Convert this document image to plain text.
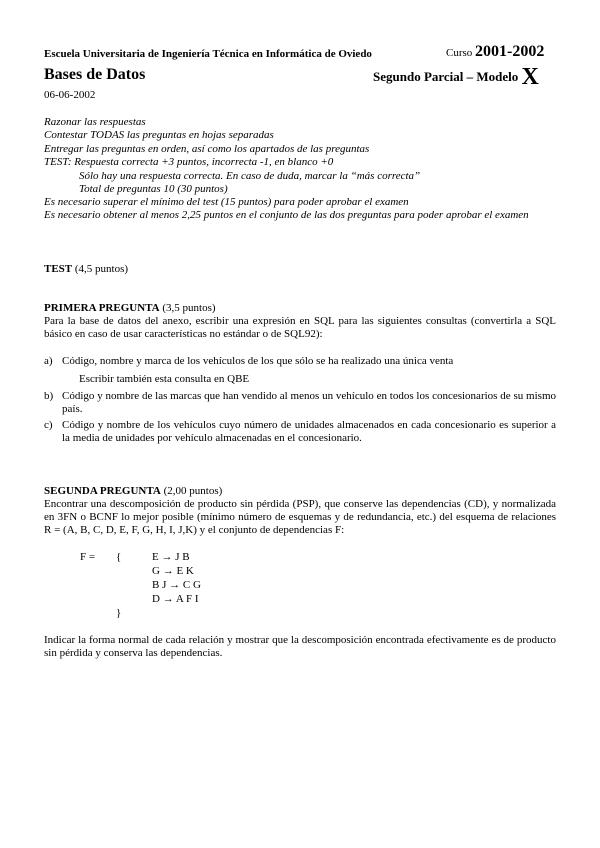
Escuela Universitaria de Ingeniería Técnica en Informática de Oviedo	Curso 2001-2002
Bases de Datos	Segundo Parcial – Modelo X
06-06-2002
Razonar las respuestas
Contestar TODAS las preguntas en hojas separadas
Entregar las preguntas en orden, así como los apartados de las preguntas
TEST: Respuesta correcta +3 puntos, incorrecta -1, en blanco +0
Sólo hay una respuesta correcta. En caso de duda, marcar la “más correcta”
Total de preguntas 10 (30 puntos)
Es necesario superar el mínimo del test (15 puntos) para poder aprobar el examen
Es necesario obtener al menos 2,25 puntos en el conjunto de las dos preguntas para poder aprobar el examen
TEST (4,5 puntos)
PRIMERA PREGUNTA (3,5 puntos)
Para la base de datos del anexo, escribir una expresión en SQL para las siguientes consultas (convertirla a SQL básico en caso de usar características no estándar o de SQL92):
a) Código, nombre y marca de los vehículos de los que sólo se ha realizado una única venta
Escribir también esta consulta en QBE
b) Código y nombre de las marcas que han vendido al menos un vehículo en todos los concesionarios de su mismo país.
c) Código y nombre de los vehículos cuyo número de unidades almacenados en cada concesionario es superior a la media de unidades por vehículo almacenadas en el concesionario.
SEGUNDA PREGUNTA (2,00 puntos)
Encontrar una descomposición de producto sin pérdida (PSP), que conserve las dependencias (CD), y normalizada en 3FN o BCNF lo mejor posible (mínimo número de esquemas y de redundancia, etc.) del esquema de relaciones R = (A, B, C, D, E, F, G, H, I, J,K) y el conjunto de dependencias F:
F = {	E → J B
G → E K
B J → C G
D → A F I
}
Indicar la forma normal de cada relación y mostrar que la descomposición encontrada efectivamente es de producto sin pérdida y conserva las dependencias.
